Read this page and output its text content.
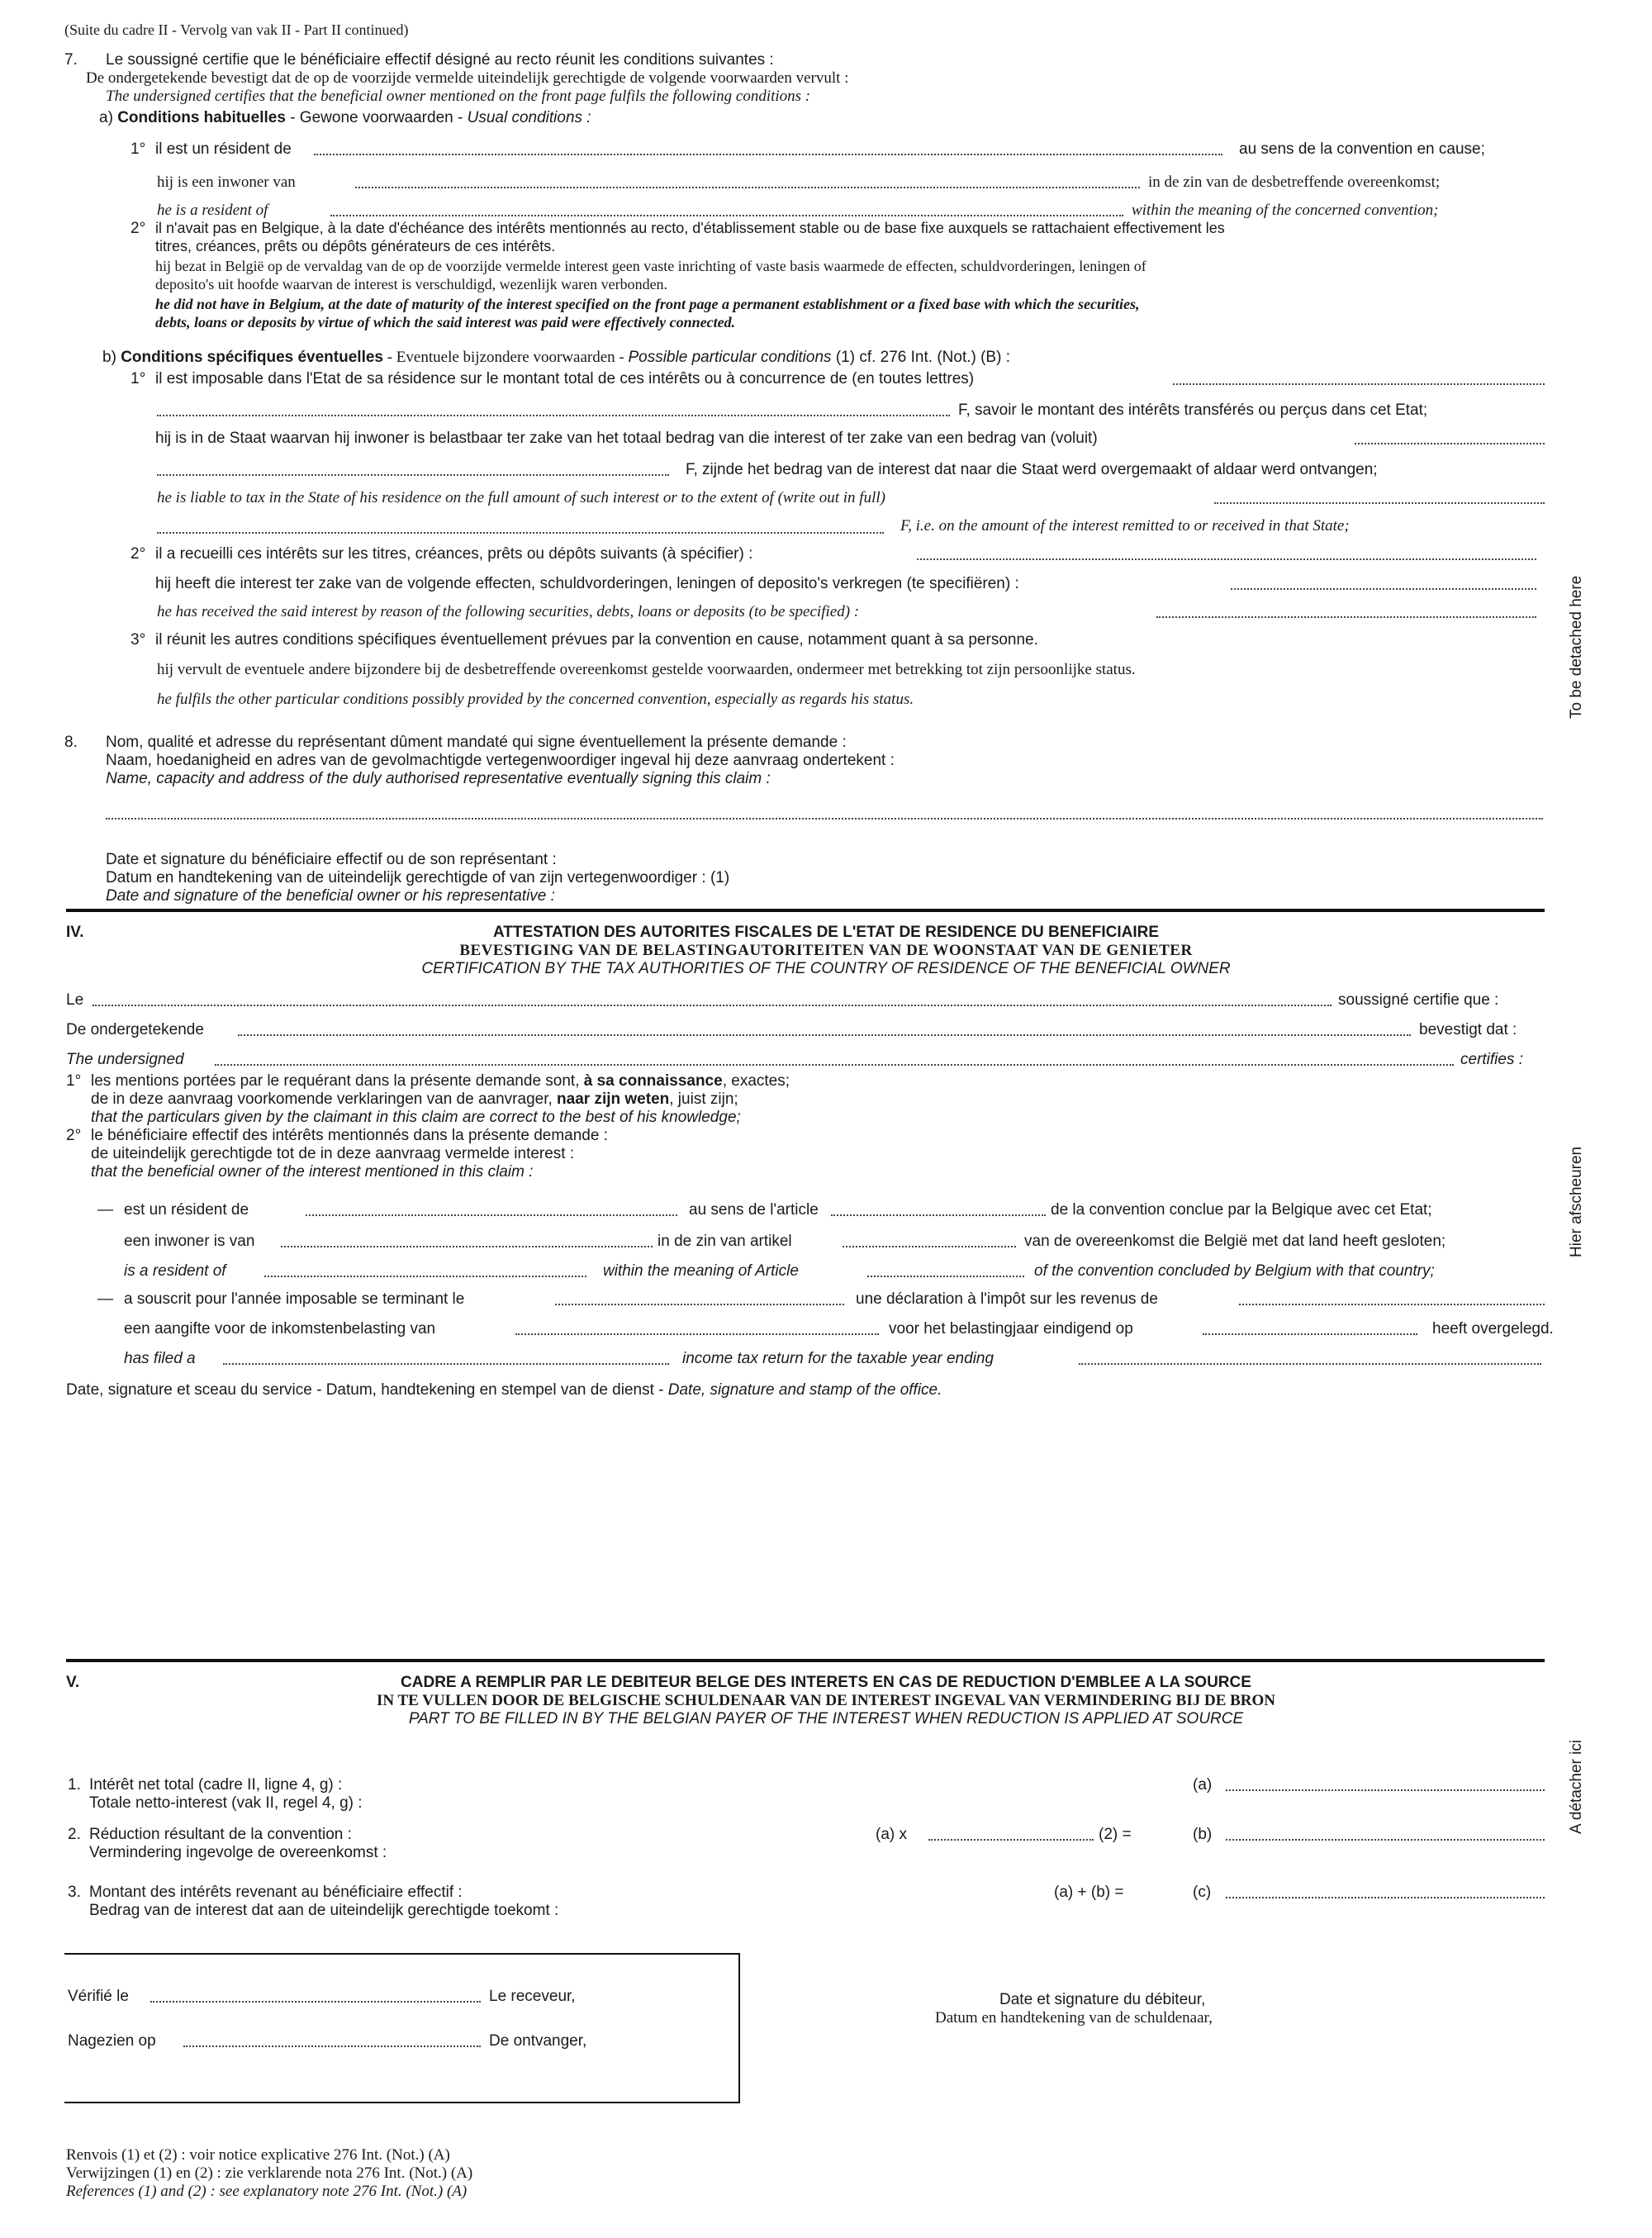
(Suite du cadre II - Vervolg van vak II - Part II continued)
7. Le soussigné certifie que le bénéficiaire effectif désigné au recto réunit les conditions suivantes :
De ondergetekende bevestigt dat de op de voorzijde vermelde uiteindelijk gerechtigde de volgende voorwaarden vervult :
The undersigned certifies that the beneficial owner mentioned on the front page fulfils the following conditions :
a) Conditions habituelles - Gewone voorwaarden - Usual conditions :
1° il est un résident de	au sens de la convention en cause;
hij is een inwoner van	in de zin van de desbetreffende overeenkomst;
he is a resident of	within the meaning of the concerned convention;
2° il n'avait pas en Belgique, à la date d'échéance des intérêts mentionnés au recto, d'établissement stable ou de base fixe auxquels se rattachaient effectivement les
titres, créances, prêts ou dépôts générateurs de ces intérêts.
hij bezat in België op de vervaldag van de op de voorzijde vermelde interest geen vaste inrichting of vaste basis waarmede de effecten, schuldvorderingen, leningen of
deposito's uit hoofde waarvan de interest is verschuldigd, wezenlijk waren verbonden.
he did not have in Belgium, at the date of maturity of the interest specified on the front page a permanent establishment or a fixed base with which the securities,
debts, loans or deposits by virtue of which the said interest was paid were effectively connected.
b) Conditions spécifiques éventuelles - Eventuele bijzondere voorwaarden - Possible particular conditions (1) cf. 276 Int. (Not.) (B) :
1° il est imposable dans l'Etat de sa résidence sur le montant total de ces intérêts ou à concurrence de (en toutes lettres)
F, savoir le montant des intérêts transférés ou perçus dans cet Etat;
hij is in de Staat waarvan hij inwoner is belastbaar ter zake van het totaal bedrag van die interest of ter zake van een bedrag van (voluit)
F, zijnde het bedrag van de interest dat naar die Staat werd overgemaakt of aldaar werd ontvangen;
he is liable to tax in the State of his residence on the full amount of such interest or to the extent of (write out in full)
F, i.e. on the amount of the interest remitted to or received in that State;
2° il a recueilli ces intérêts sur les titres, créances, prêts ou dépôts suivants (à spécifier) :
hij heeft die interest ter zake van de volgende effecten, schuldvorderingen, leningen of deposito's verkregen (te specifiëren) :
he has received the said interest by reason of the following securities, debts, loans or deposits (to be specified) :
3° il réunit les autres conditions spécifiques éventuellement prévues par la convention en cause, notamment quant à sa personne.
hij vervult de eventuele andere bijzondere bij de desbetreffende overeenkomst gestelde voorwaarden, ondermeer met betrekking tot zijn persoonlijke status.
he fulfils the other particular conditions possibly provided by the concerned convention, especially as regards his status.
8. Nom, qualité et adresse du représentant dûment mandaté qui signe éventuellement la présente demande :
Naam, hoedanigheid en adres van de gevolmachtigde vertegenwoordiger ingeval hij deze aanvraag ondertekent :
Name, capacity and address of the duly authorised representative eventually signing this claim :
Date et signature du bénéficiaire effectif ou de son représentant :
Datum en handtekening van de uiteindelijk gerechtigde of van zijn vertegenwoordiger : (1)
Date and signature of the beneficial owner or his representative :
IV.	ATTESTATION DES AUTORITES FISCALES DE L'ETAT DE RESIDENCE DU BENEFICIAIRE
BEVESTIGING VAN DE BELASTINGAUTORITEITEN VAN DE WOONSTAAT VAN DE GENIETER
CERTIFICATION BY THE TAX AUTHORITIES OF THE COUNTRY OF RESIDENCE OF THE BENEFICIAL OWNER
Le	soussigné certifie que :
De ondergetekende	bevestigt dat :
The undersigned	certifies :
1° les mentions portées par le requérant dans la présente demande sont, à sa connaissance, exactes;
de in deze aanvraag voorkomende verklaringen van de aanvrager, naar zijn weten, juist zijn;
that the particulars given by the claimant in this claim are correct to the best of his knowledge;
2° le bénéficiaire effectif des intérêts mentionnés dans la présente demande :
de uiteindelijk gerechtigde tot de in deze aanvraag vermelde interest :
that the beneficial owner of the interest mentioned in this claim :
— est un résident de	au sens de l'article	de la convention conclue par la Belgique avec cet Etat;
een inwoner is van	in de zin van artikel	van de overeenkomst die België met dat land heeft gesloten;
is a resident of	within the meaning of Article	of the convention concluded by Belgium with that country;
— a souscrit pour l'année imposable se terminant le	une déclaration à l'impôt sur les revenus de
een aangifte voor de inkomstenbelasting van	voor het belastingjaar eindigend op	heeft overgelegd.
has filed a	income tax return for the taxable year ending
Date, signature et sceau du service - Datum, handtekening en stempel van de dienst - Date, signature and stamp of the office.
V.	CADRE A REMPLIR PAR LE DEBITEUR BELGE DES INTERETS EN CAS DE REDUCTION D'EMBLEE A LA SOURCE
IN TE VULLEN DOOR DE BELGISCHE SCHULDENAAR VAN DE INTEREST INGEVAL VAN VERMINDERING BIJ DE BRON
PART TO BE FILLED IN BY THE BELGIAN PAYER OF THE INTEREST WHEN REDUCTION IS APPLIED AT SOURCE
1. Intérêt net total (cadre II, ligne 4, g) :
Totale netto-interest (vak II, regel 4, g) :
(a)
2. Réduction résultant de la convention :
Vermindering ingevolge de overeenkomst :
(a) x	(2) =	(b)
3. Montant des intérêts revenant au bénéficiaire effectif :
Bedrag van de interest dat aan de uiteindelijk gerechtigde toekomt :
(a) + (b) =	(c)
Vérifié le	Le receveur,
Nagezien op	De ontvanger,
Date et signature du débiteur,
Datum en handtekening van de schuldenaar,
Renvois (1) et (2) : voir notice explicative 276 Int. (Not.) (A)
Verwijzingen (1) en (2) : zie verklarende nota 276 Int. (Not.) (A)
References (1) and (2) : see explanatory note 276 Int. (Not.) (A)
To be detached here
Hier afscheuren
A détacher ici
